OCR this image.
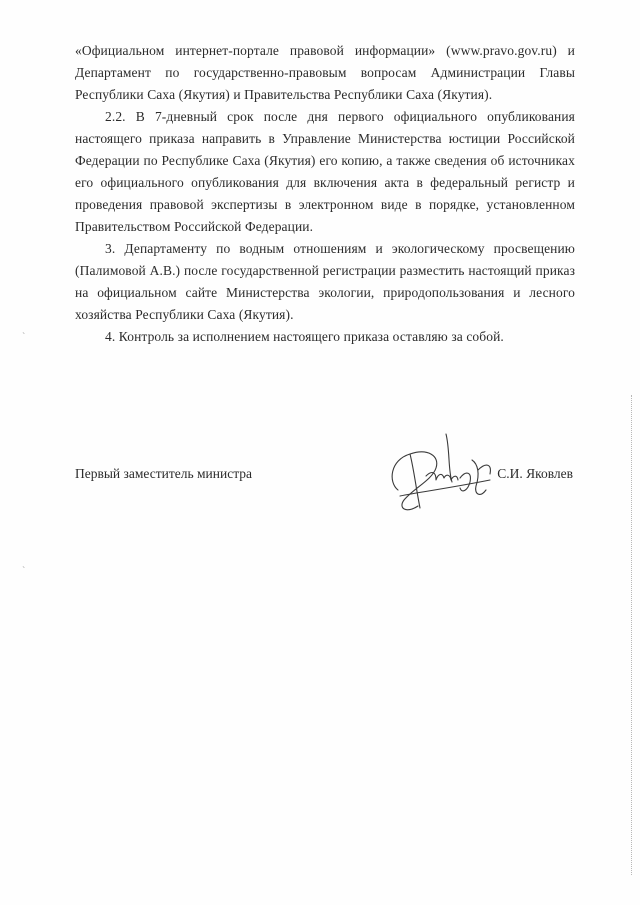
«Официальном интернет-портале правовой информации» (www.pravo.gov.ru) и Департамент по государственно-правовым вопросам Администрации Главы Республики Саха (Якутия) и Правительства Республики Саха (Якутия).

2.2. В 7-дневный срок после дня первого официального опубликования настоящего приказа направить в Управление Министерства юстиции Российской Федерации по Республике Саха (Якутия) его копию, а также сведения об источниках его официального опубликования для включения акта в федеральный регистр и проведения правовой экспертизы в электронном виде в порядке, установленном Правительством Российской Федерации.

3. Департаменту по водным отношениям и экологическому просвещению (Палимовой А.В.) после государственной регистрации разместить настоящий приказ на официальном сайте Министерства экологии, природопользования и лесного хозяйства Республики Саха (Якутия).

4. Контроль за исполнением настоящего приказа оставляю за собой.

Первый заместитель министра	С.И. Яковлев
`
`
